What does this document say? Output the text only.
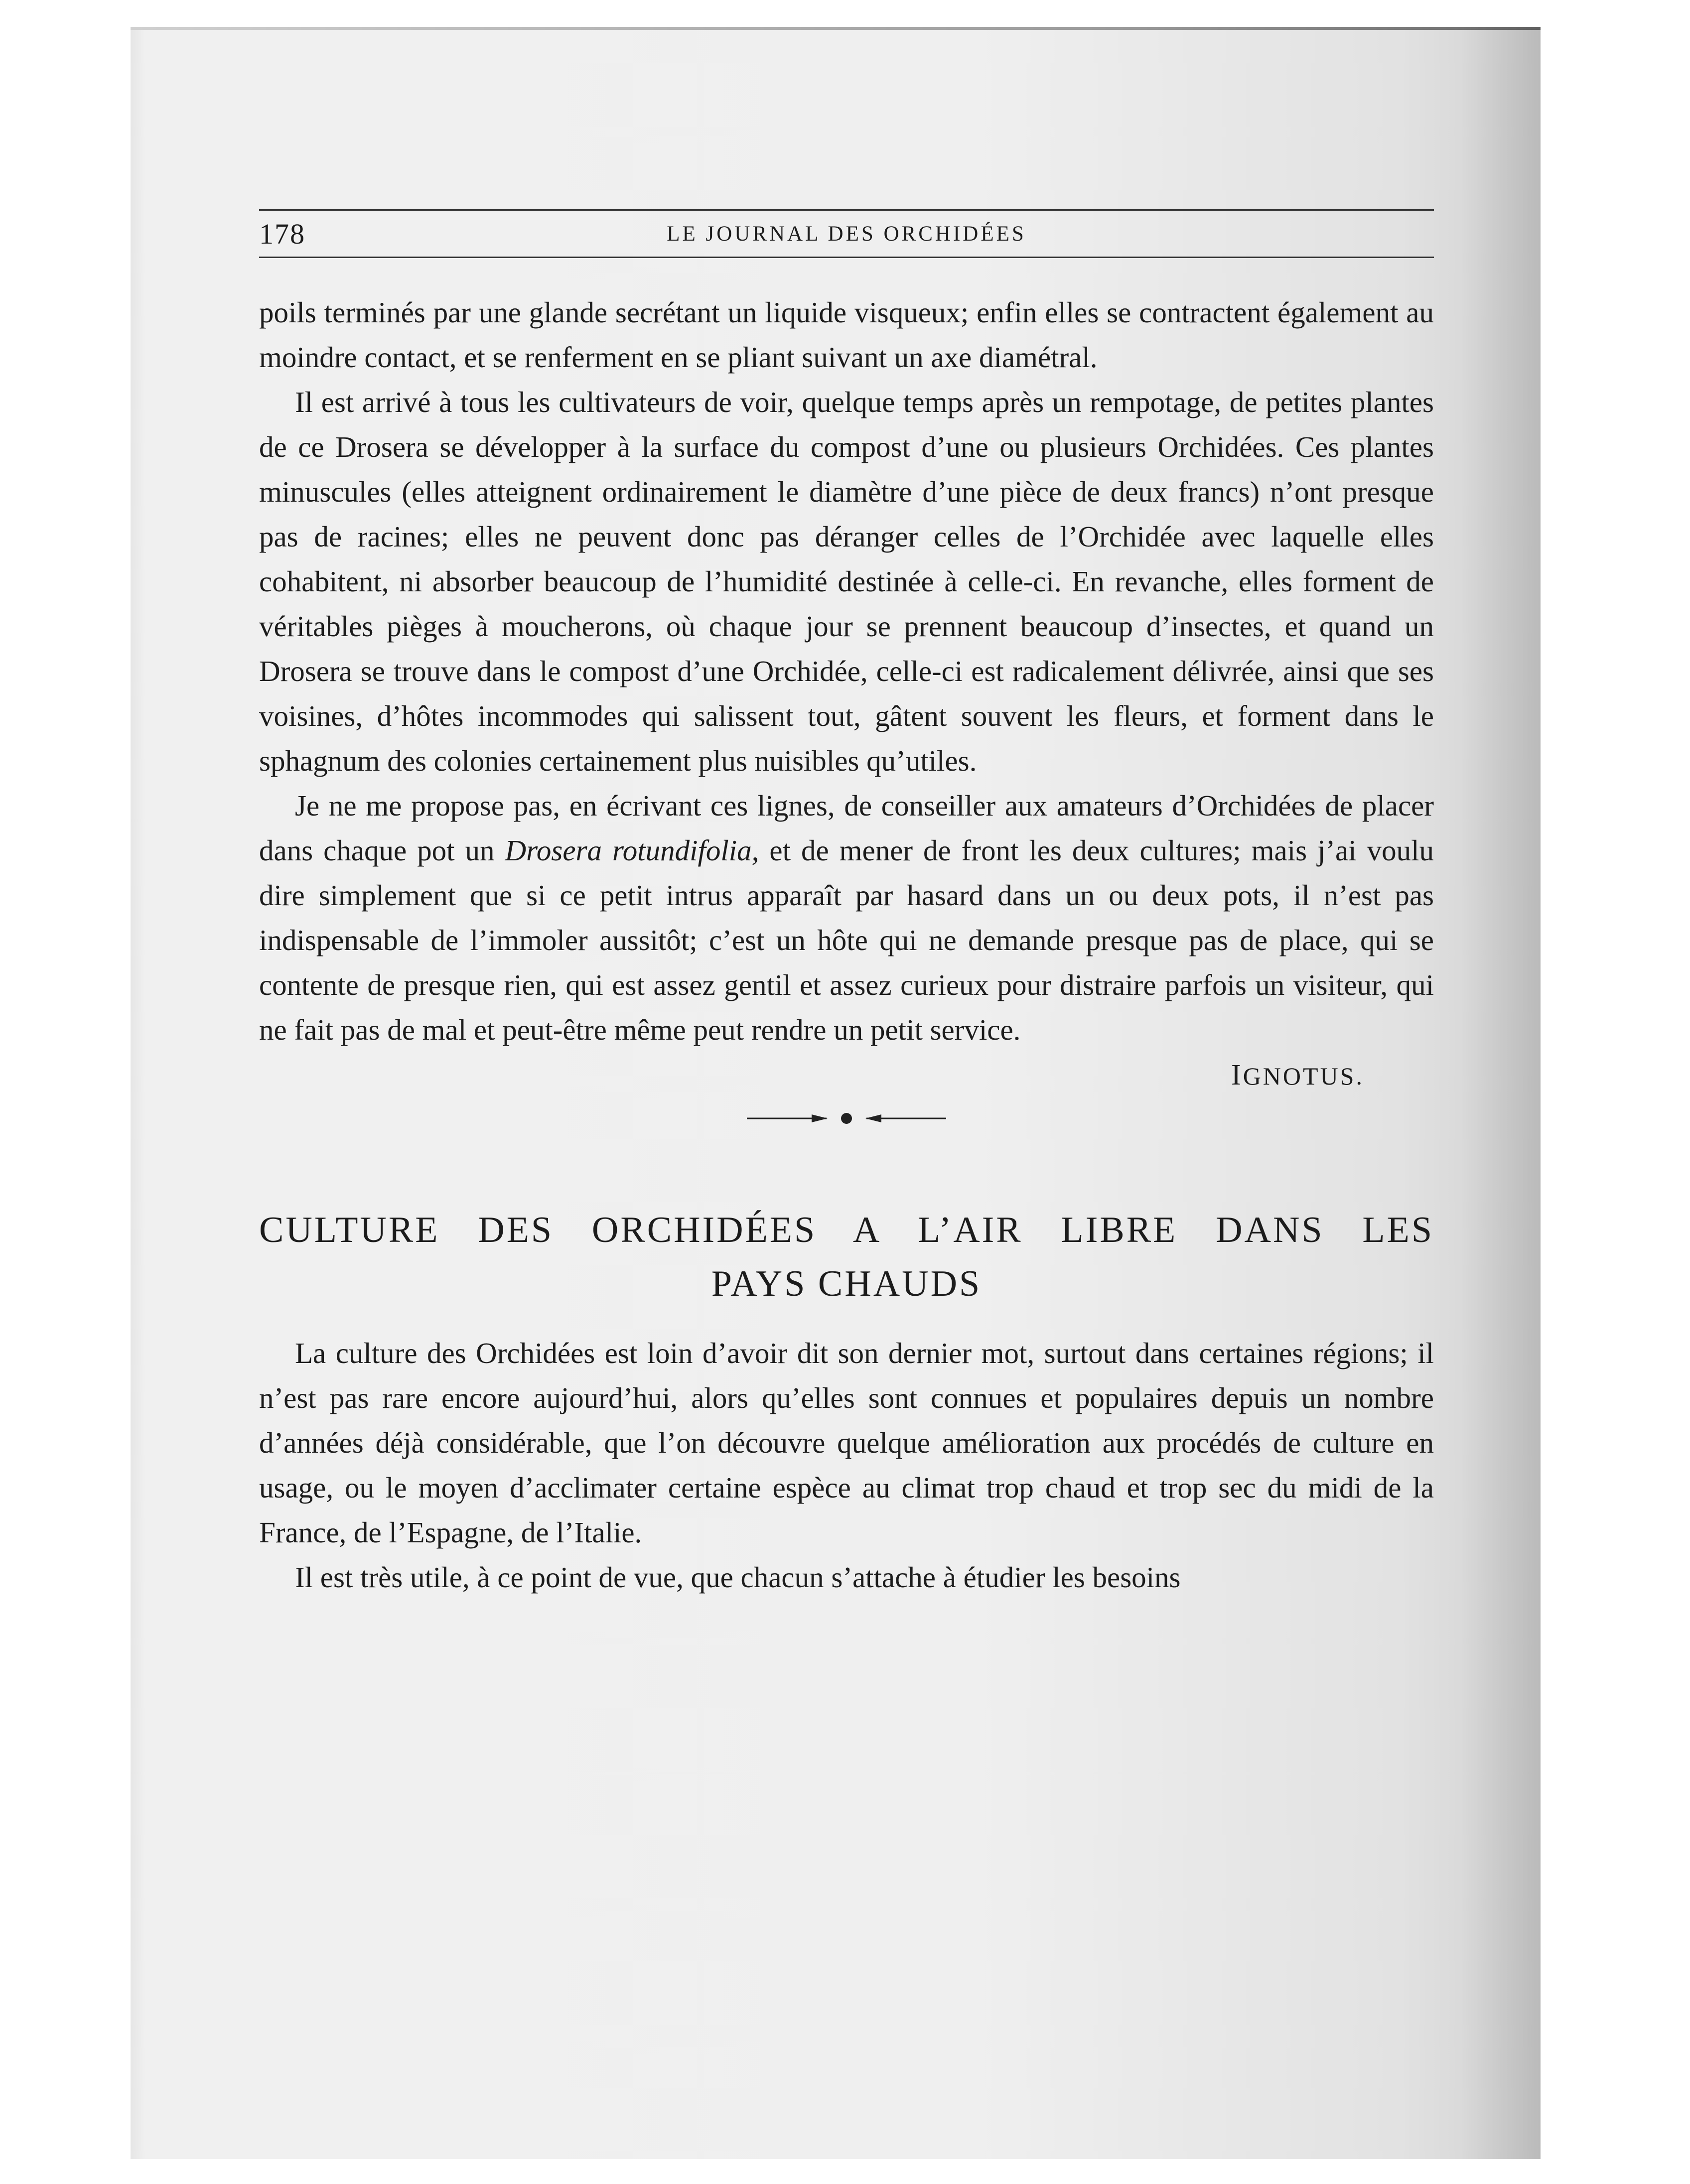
178	LE JOURNAL DES ORCHIDÉES

poils terminés par une glande secrétant un liquide visqueux; enfin elles se contractent également au moindre contact, et se renferment en se pliant suivant un axe diamétral.

Il est arrivé à tous les cultivateurs de voir, quelque temps après un rempotage, de petites plantes de ce Drosera se développer à la surface du compost d’une ou plusieurs Orchidées. Ces plantes minuscules (elles atteignent ordinairement le diamètre d’une pièce de deux francs) n’ont presque pas de racines; elles ne peuvent donc pas déranger celles de l’Orchidée avec laquelle elles cohabitent, ni absorber beaucoup de l’humidité destinée à celle-ci. En revanche, elles forment de véritables pièges à moucherons, où chaque jour se prennent beaucoup d’insectes, et quand un Drosera se trouve dans le compost d’une Orchidée, celle-ci est radicalement délivrée, ainsi que ses voisines, d’hôtes incommodes qui salissent tout, gâtent souvent les fleurs, et forment dans le sphagnum des colonies certainement plus nuisibles qu’utiles.

Je ne me propose pas, en écrivant ces lignes, de conseiller aux amateurs d’Orchidées de placer dans chaque pot un Drosera rotundifolia, et de mener de front les deux cultures; mais j’ai voulu dire simplement que si ce petit intrus apparaît par hasard dans un ou deux pots, il n’est pas indispensable de l’immoler aussitôt; c’est un hôte qui ne demande presque pas de place, qui se contente de presque rien, qui est assez gentil et assez curieux pour distraire parfois un visiteur, qui ne fait pas de mal et peut-être même peut rendre un petit service.

IGNOTUS.
CULTURE DES ORCHIDÉES A L’AIR LIBRE DANS LES
PAYS CHAUDS

La culture des Orchidées est loin d’avoir dit son dernier mot, surtout dans certaines régions; il n’est pas rare encore aujourd’hui, alors qu’elles sont connues et populaires depuis un nombre d’années déjà considérable, que l’on découvre quelque amélioration aux procédés de culture en usage, ou le moyen d’acclimater certaine espèce au climat trop chaud et trop sec du midi de la France, de l’Espagne, de l’Italie.

Il est très utile, à ce point de vue, que chacun s’attache à étudier les besoins
